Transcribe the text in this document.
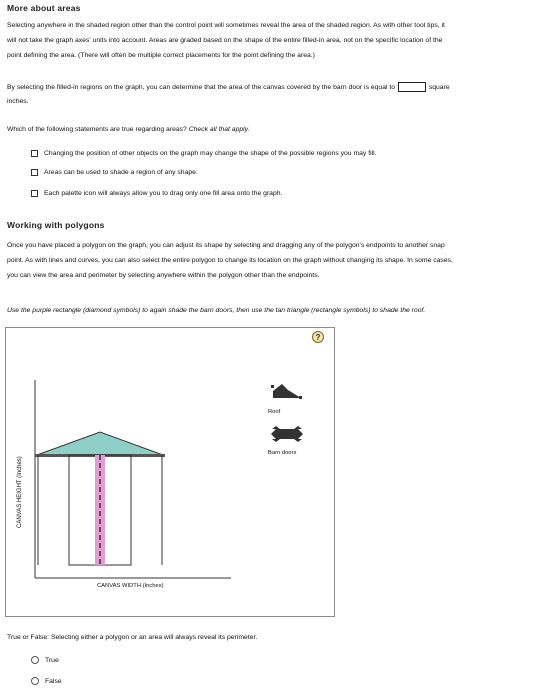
More about areas
Selecting anywhere in the shaded region other than the control point will sometimes reveal the area of the shaded region. As with other tool tips, it
will not take the graph axes' units into account. Areas are graded based on the shape of the entire filled-in area, not on the specific location of the
point defining the area. (There will often be multiple correct placements for the point defining the area.)
By selecting the filled-in regions on the graph, you can determine that the area of the canvas covered by the barn door is equal to	square
inches.
Which of the following statements are true regarding areas? Check all that apply.
Changing the position of other objects on the graph may change the shape of the possible regions you may fill.
Areas can be used to shade a region of any shape.
Each palette icon will always allow you to drag only one fill area onto the graph.
Working with polygons
Once you have placed a polygon on the graph, you can adjust its shape by selecting and dragging any of the polygon's endpoints to another snap
point. As with lines and curves, you can also select the entire polygon to change its location on the graph without changing its shape. In some cases,
you can view the area and perimeter by selecting anywhere within the polygon other than the endpoints.
Use the purple rectangle (diamond symbols) to again shade the barn doors, then use the tan triangle (rectangle symbols) to shade the roof.
?
CANVAS HEIGHT (Inches)
Roof
Barn doors
CANVAS WIDTH (Inches)
True or False: Selecting either a polygon or an area will always reveal its perimeter.
True
False
